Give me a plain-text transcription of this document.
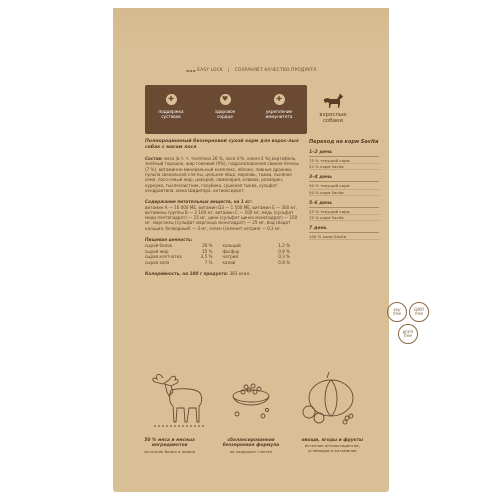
◄◄◄ EASY LOCK | СОХРАНЯЕТ КАЧЕСТВО ПРОДУКТА
✚
поддержка
суставов
♥
здоровое
сердце
✚
укрепление
иммунитета	взрослые
собаки

Полнорационный беззерновой сухой корм для взрос-лых собак с мясом лося

Состав: мясо (в т. ч. телятина 26 %, лося 4 %, оленя 4 %),картофель, зелёный горошек, жир говяжий (9%), гидролизованная свиная печень (7 %), витаминно-минеральный комплекс, яблоко, пивные дрожжи, пульпа свекольной сле-пы, цельное яйцо, морковь, тыква, льняное семя, лосо-севый жир, цикорий, ламинария, клюква, розмарин, куркума, тысячелистник, голубика, сушеная тыква, сульфат хондроитина, юкка Шидигера, антиоксидант.

Содержание питательных веществ, на 1 кг:

витамин А — 16 000 МЕ, витамин D3 — 1 500 МЕ, витамин Е — 300 мг, витамины группы В — 2 100 мг, витамин С — 100 мг, медь (сульфат меди пентагидрат) — 15 мг, цинк (сульфат цинка моногидрат) — 150 мг, марганец (сульфат марганца моногидрат) — 25 мг, йод (йодат кальция, безводный) — 3 мг, селен (селенит натрия) — 0,3 мг.

Пищевая ценность:
сырой белок	26 % кальций	1,2 %
сырой жир	15 % фосфор	0,9 %
сырая клетчатка	3,5 % натрий	0,3 %
сырая зола	7 % калий	0,8 %
Калорийность, на 100 г продукта: 383 ккал.
Переход на корм Savita
1–2 день
75 % текущий корм
25 % корм Savita
3–4 день
50 % текущий корм
50 % корм Savita
5–6 день
25 % текущий корм
75 % корм Savita
7 день
100 % корм Savita
soy
free
GMO
free
grain
free
50 % мяса и мясных ингредиентов
источник белка и жиров
сбалансированная беззерновая формула
не содержит глютен
овощи, ягоды и фрукты
источник антиоксидантов, углеводов и витаминов
